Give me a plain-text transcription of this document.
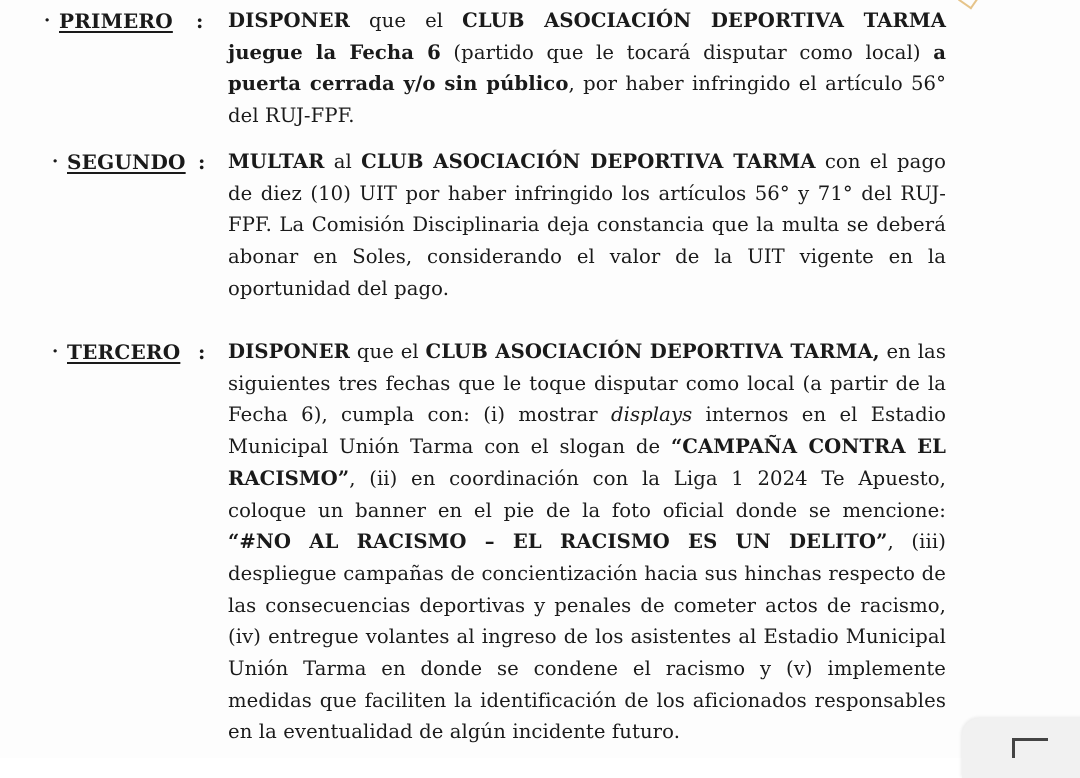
· PRIMERO : DISPONER que el CLUB ASOCIACIÓN DEPORTIVA TARMA juegue la Fecha 6 (partido que le tocará disputar como local) a puerta cerrada y/o sin público, por haber infringido el artículo 56° del RUJ-FPF.
· SEGUNDO : MULTAR al CLUB ASOCIACIÓN DEPORTIVA TARMA con el pago de diez (10) UIT por haber infringido los artículos 56° y 71° del RUJ-FPF. La Comisión Disciplinaria deja constancia que la multa se deberá abonar en Soles, considerando el valor de la UIT vigente en la oportunidad del pago.
· TERCERO : DISPONER que el CLUB ASOCIACIÓN DEPORTIVA TARMA, en las siguientes tres fechas que le toque disputar como local (a partir de la Fecha 6), cumpla con: (i) mostrar displays internos en el Estadio Municipal Unión Tarma con el slogan de “CAMPAÑA CONTRA EL RACISMO”, (ii) en coordinación con la Liga 1 2024 Te Apuesto, coloque un banner en el pie de la foto oficial donde se mencione: “#NO AL RACISMO – EL RACISMO ES UN DELITO”, (iii) despliegue campañas de concientización hacia sus hinchas respecto de las consecuencias deportivas y penales de cometer actos de racismo, (iv) entregue volantes al ingreso de los asistentes al Estadio Municipal Unión Tarma en donde se condene el racismo y (v) implemente medidas que faciliten la identificación de los aficionados responsables en la eventualidad de algún incidente futuro.
